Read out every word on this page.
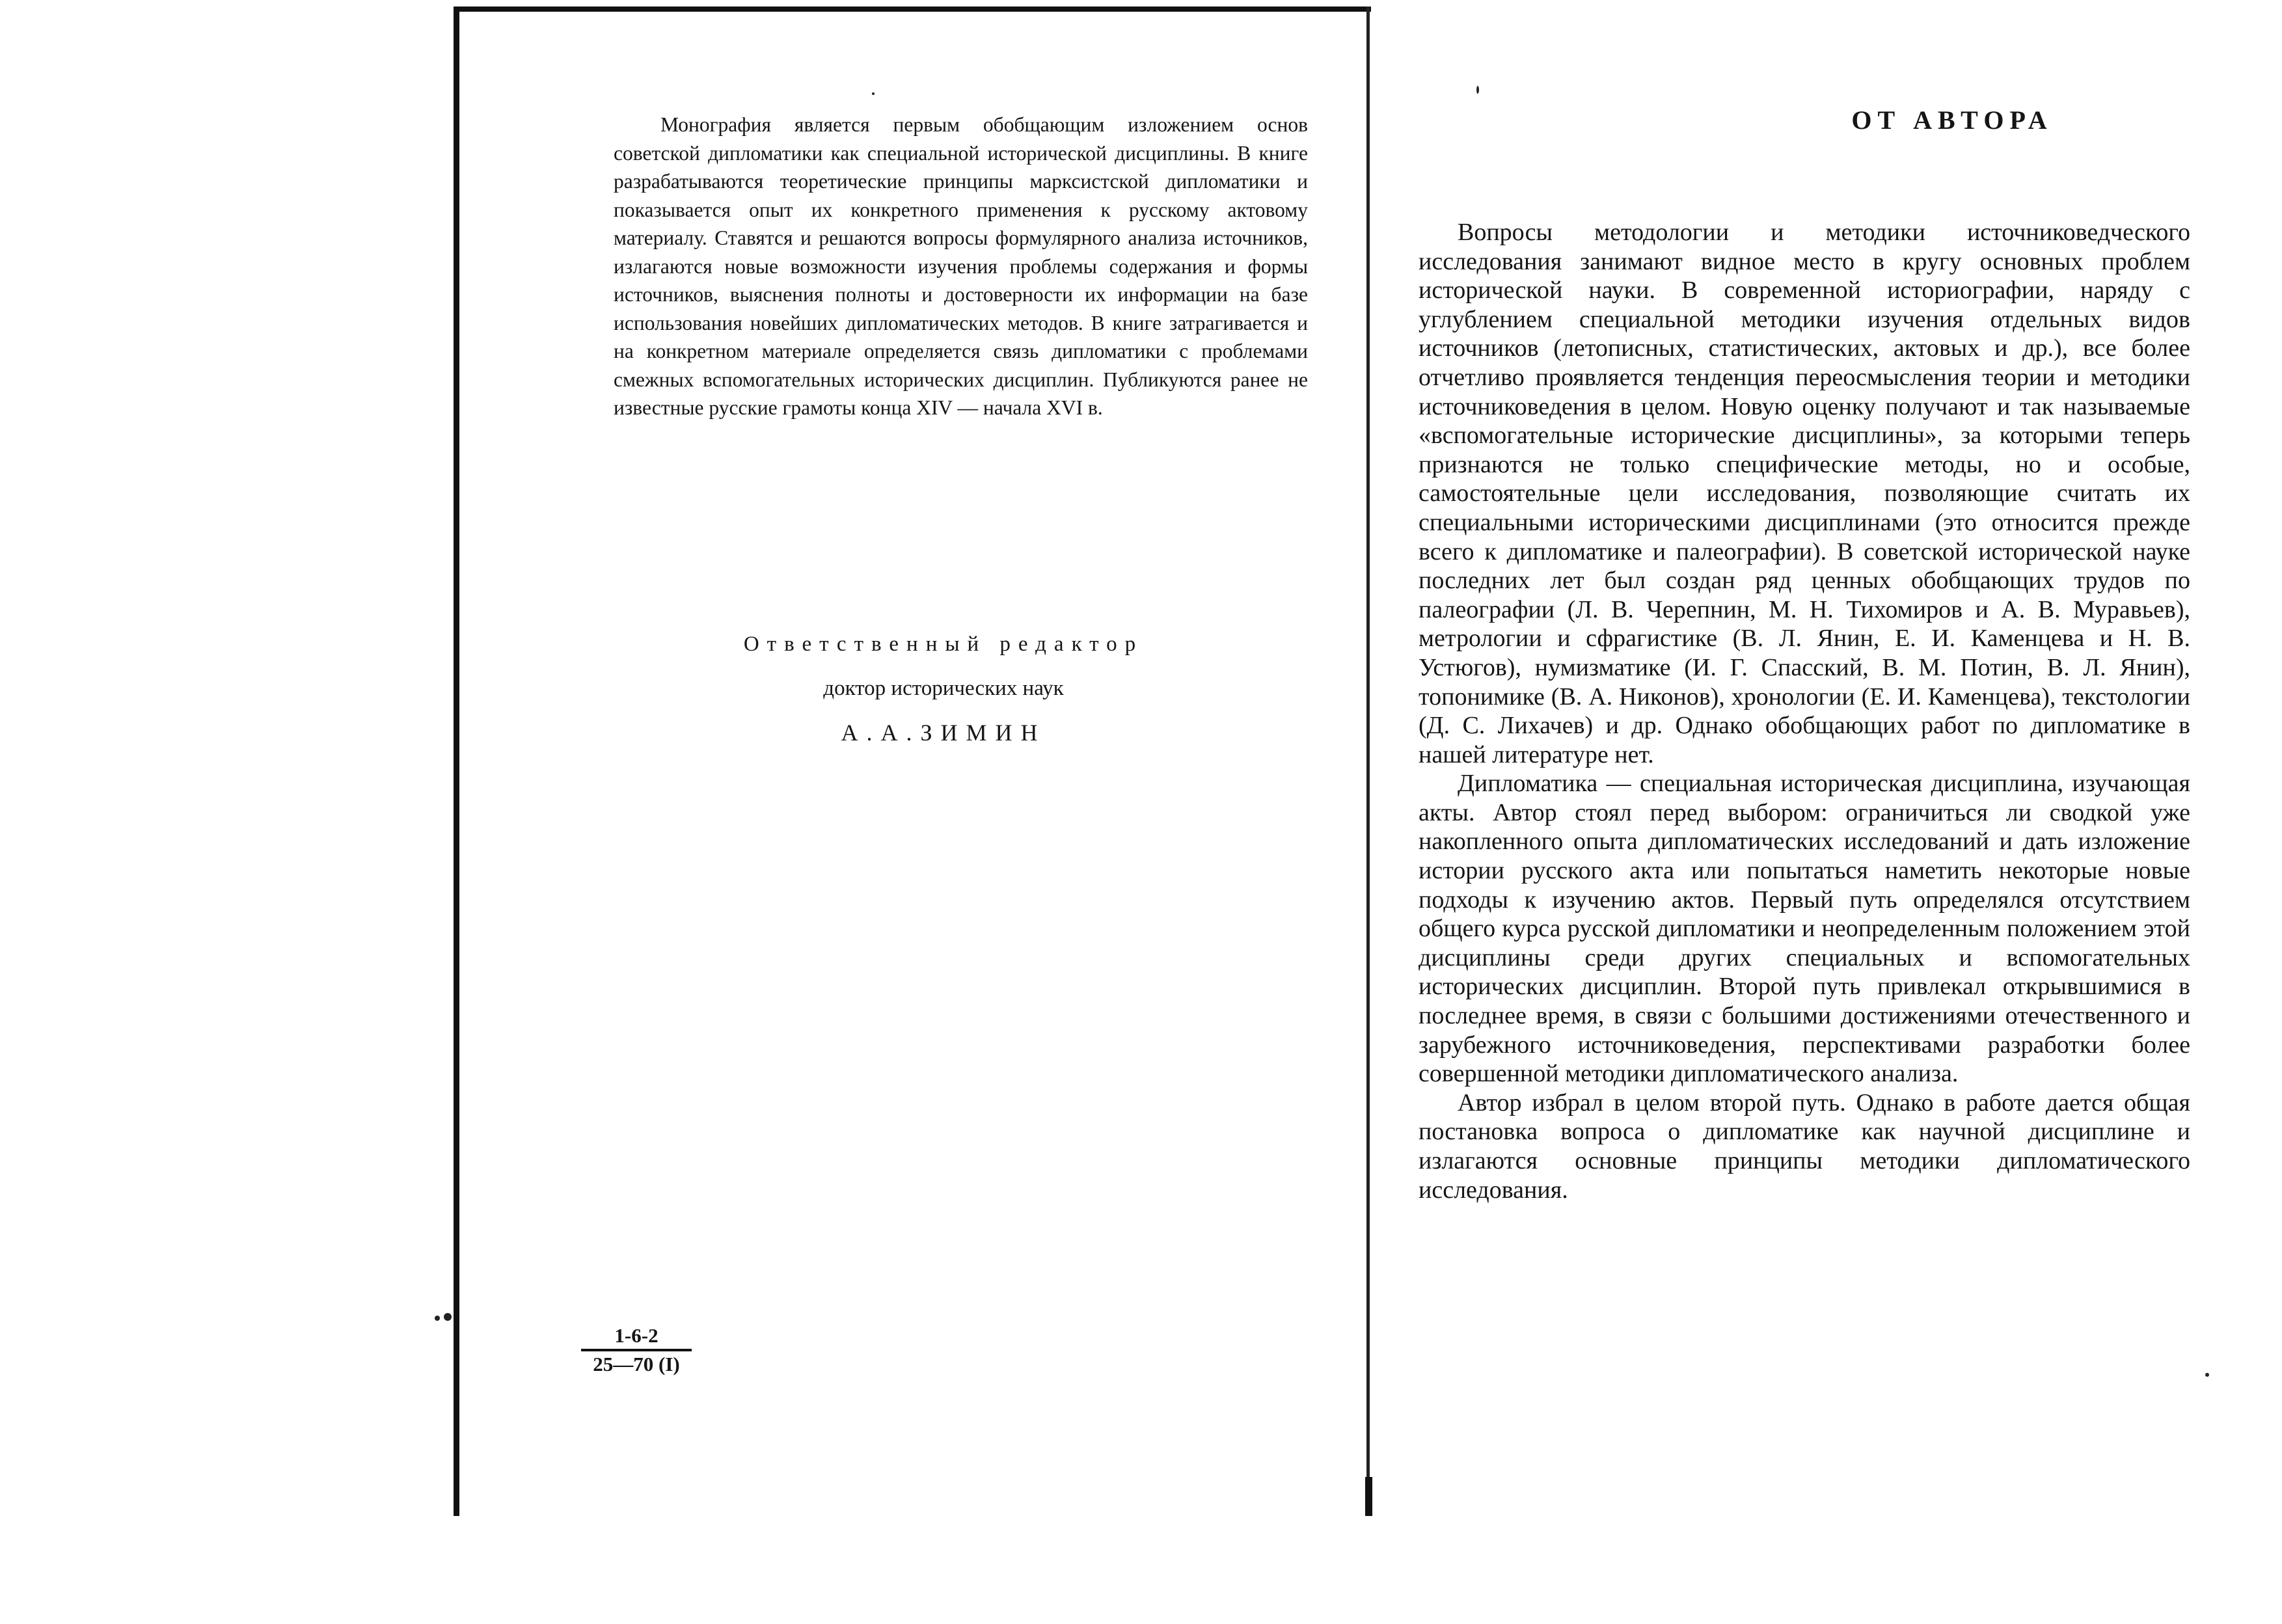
Монография является первым обобщающим изложением основ советской дипломатики как специальной исторической дисциплины. В книге разрабатываются теоретические принципы марксистской дипломатики и показывается опыт их конкретного применения к русскому актовому материалу. Ставятся и решаются вопросы формулярного анализа источников, излагаются новые возможности изучения проблемы содержания и формы источников, выяснения полноты и достоверности их информации на базе использования новейших дипломатических методов. В книге затрагивается и на конкретном материале определяется связь дипломатики с проблемами смежных вспомогательных исторических дисциплин. Публикуются ранее не известные русские грамоты конца XIV — начала XVI в.

Ответственный редактор

доктор исторических наук

А.А.ЗИМИН

$\frac{1-6-2}{25—70 (I)}$
ОТ АВТОРА

Вопросы методологии и методики источниковедческого исследования занимают видное место в кругу основных проблем исторической науки. В современной историографии, наряду с углублением специальной методики изучения отдельных видов источников (летописных, статистических, актовых и др.), все более отчетливо проявляется тенденция переосмысления теории и методики источниковедения в целом. Новую оценку получают и так называемые «вспомогательные исторические дисциплины», за которыми теперь признаются не только специфические методы, но и особые, самостоятельные цели исследования, позволяющие считать их специальными историческими дисциплинами (это относится прежде всего к дипломатике и палеографии). В советской исторической науке последних лет был создан ряд ценных обобщающих трудов по палеографии (Л. В. Черепнин, М. Н. Тихомиров и А. В. Муравьев), метрологии и сфрагистике (В. Л. Янин, Е. И. Каменцева и Н. В. Устюгов), нумизматике (И. Г. Спасский, В. М. Потин, В. Л. Янин), топонимике (В. А. Никонов), хронологии (Е. И. Каменцева), текстологии (Д. С. Лихачев) и др. Однако обобщающих работ по дипломатике в нашей литературе нет.

Дипломатика — специальная историческая дисциплина, изучающая акты. Автор стоял перед выбором: ограничиться ли сводкой уже накопленного опыта дипломатических исследований и дать изложение истории русского акта или попытаться наметить некоторые новые подходы к изучению актов. Первый путь определялся отсутствием общего курса русской дипломатики и неопределенным положением этой дисциплины среди других специальных и вспомогательных исторических дисциплин. Второй путь привлекал открывшимися в последнее время, в связи с большими достижениями отечественного и зарубежного источниковедения, перспективами разработки более совершенной методики дипломатического анализа.

Автор избрал в целом второй путь. Однако в работе дается общая постановка вопроса о дипломатике как научной дисциплине и излагаются основные принципы методики дипломатического исследования.
